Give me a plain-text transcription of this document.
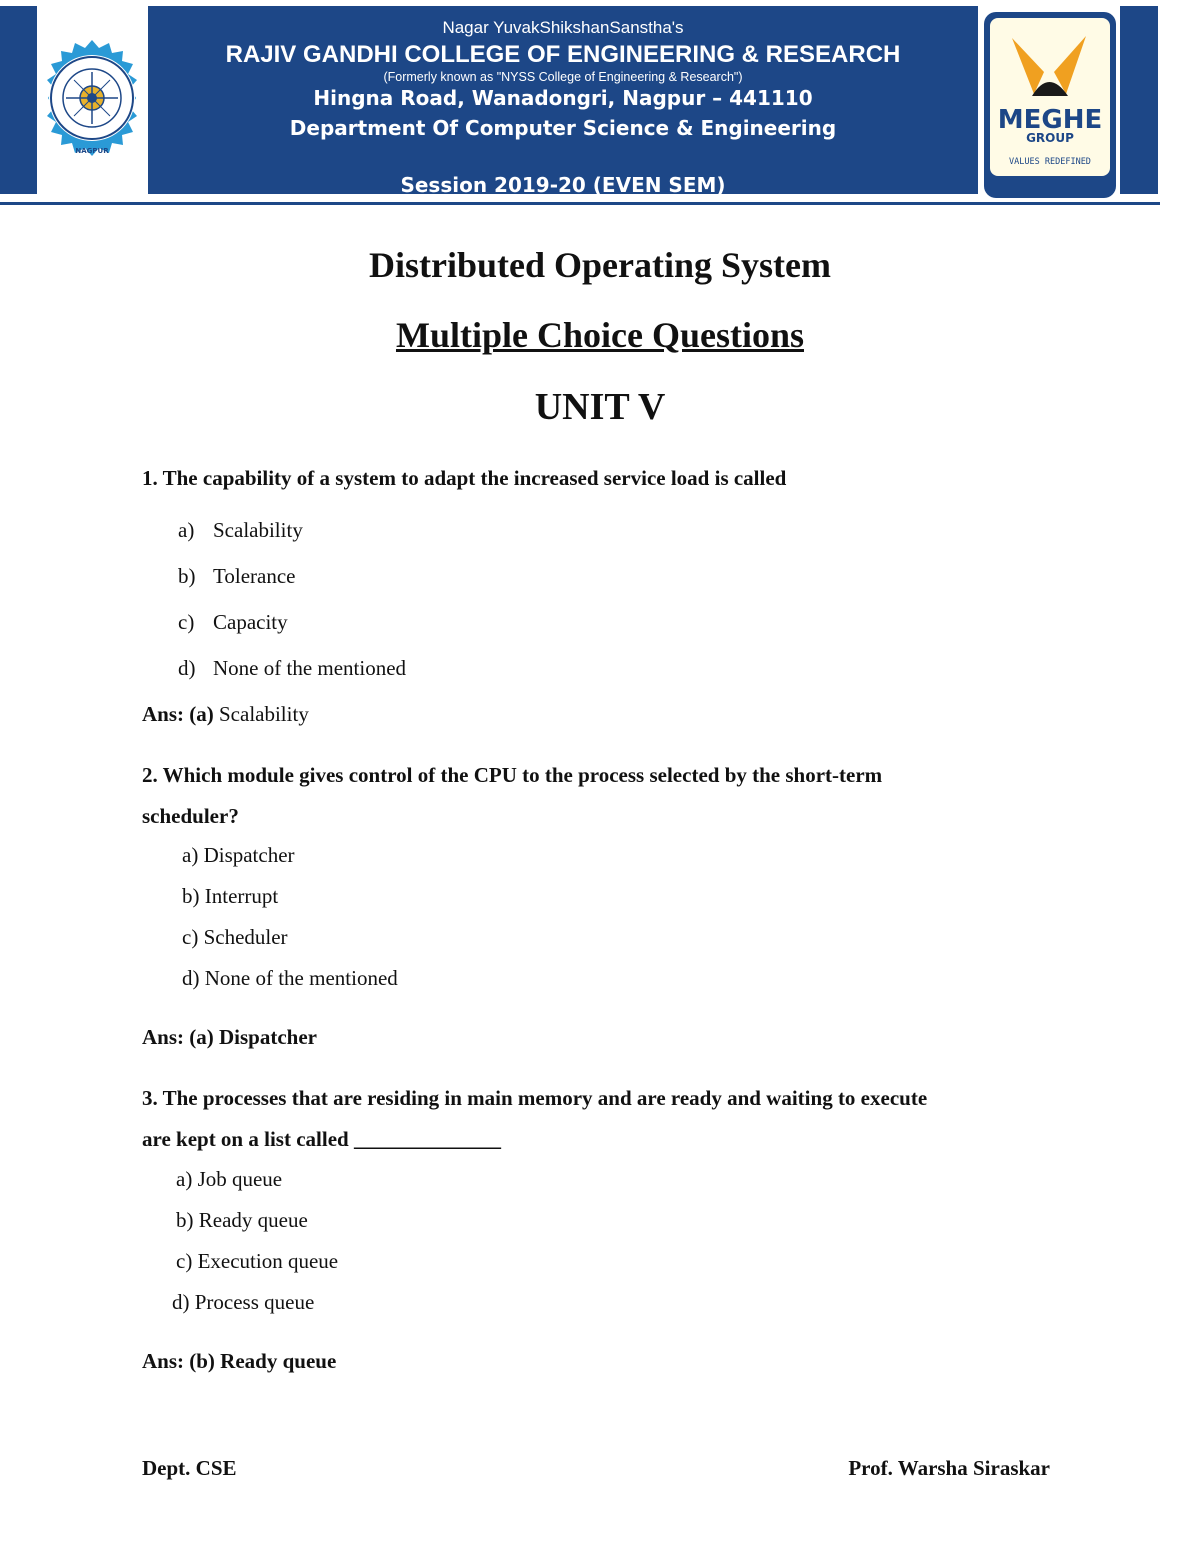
NAGPUR
Nagar YuvakShikshanSanstha's
RAJIV GANDHI COLLEGE OF ENGINEERING & RESEARCH
(Formerly known as "NYSS College of Engineering & Research")
Hingna Road, Wanadongri, Nagpur – 441110
Department Of Computer Science & Engineering
Session 2019-20 (EVEN SEM)
MEGHE
GROUP
VALUES REDEFINED
Distributed Operating System
Multiple Choice Questions
UNIT V
1. The capability of a system to adapt the increased service load is called
a) Scalability
b) Tolerance
c) Capacity
d) None of the mentioned
Ans: (a) Scalability
2. Which module gives control of the CPU to the process selected by the short-term
scheduler?
a) Dispatcher
b) Interrupt
c) Scheduler
d) None of the mentioned
Ans: (a) Dispatcher
3. The processes that are residing in main memory and are ready and waiting to execute
are kept on a list called ______________
a) Job queue
b) Ready queue
c) Execution queue
d) Process queue
Ans: (b) Ready queue
Dept. CSE	Prof. Warsha Siraskar
